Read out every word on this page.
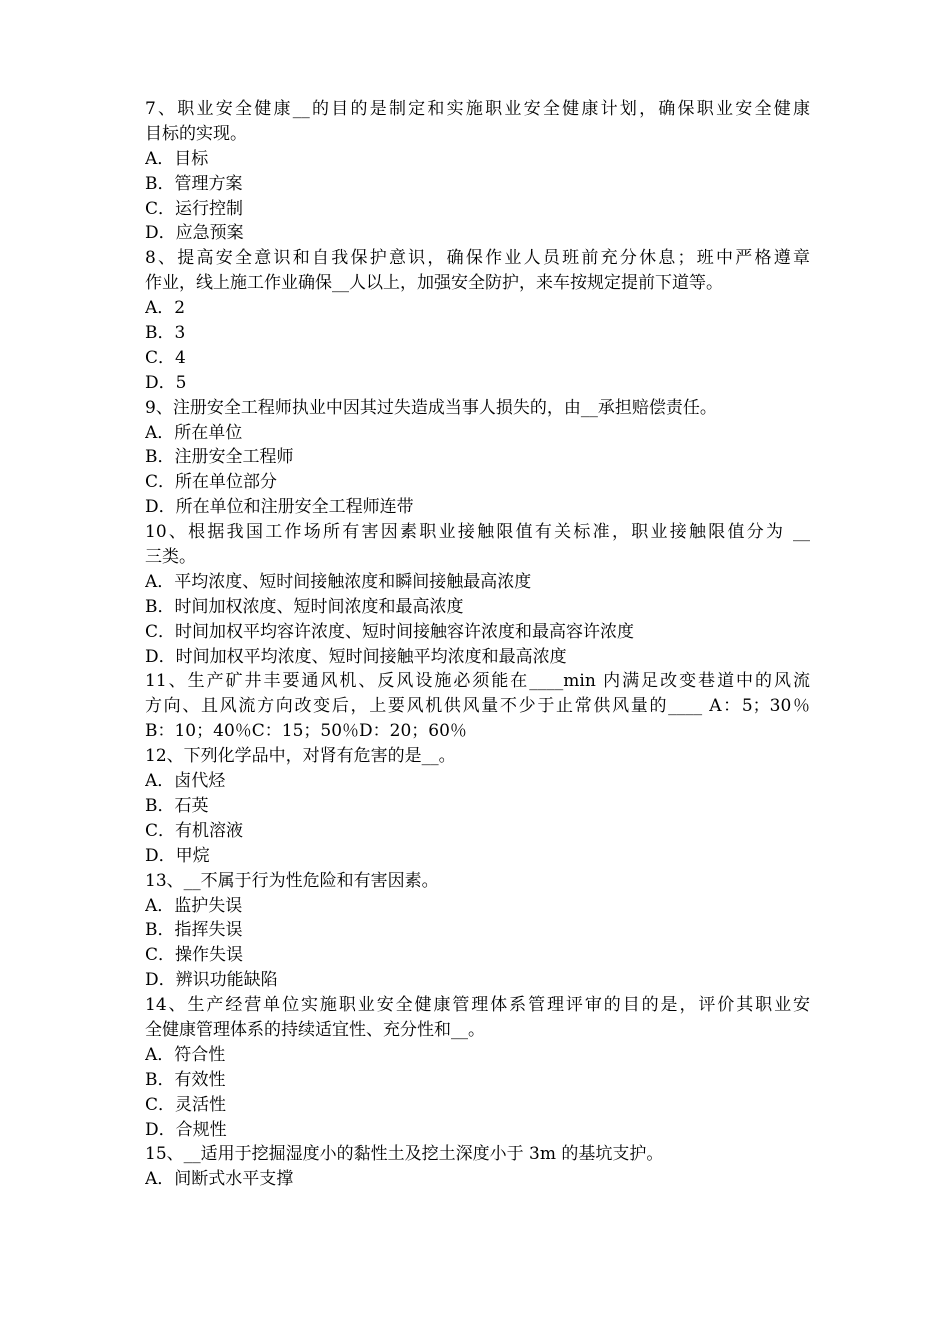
7、职业安全健康__的目的是制定和实施职业安全健康计划，确保职业安全健康
目标的实现。
A．目标
B．管理方案
C．运行控制
D．应急预案
8、提高安全意识和自我保护意识，确保作业人员班前充分休息；班中严格遵章
作业，线上施工作业确保__人以上，加强安全防护，来车按规定提前下道等。
A．2
B．3
C．4
D．5
9、注册安全工程师执业中因其过失造成当事人损失的，由__承担赔偿责任。
A．所在单位
B．注册安全工程师
C．所在单位部分
D．所在单位和注册安全工程师连带
10、根据我国工作场所有害因素职业接触限值有关标准，职业接触限值分为 __
三类。
A．平均浓度、短时间接触浓度和瞬间接触最高浓度
B．时间加权浓度、短时间浓度和最高浓度
C．时间加权平均容许浓度、短时间接触容许浓度和最高容许浓度
D．时间加权平均浓度、短时间接触平均浓度和最高浓度
11、生产矿井丰要通风机、反风设施必须能在____min 内满足改变巷道中的风流
方向、且风流方向改变后，上要风机供风量不少于止常供风量的____ A：5；30％
B：10；40％C：15；50％D：20；60％
12、下列化学品中，对肾有危害的是__。
A．卤代烃
B．石英
C．有机溶液
D．甲烷
13、__不属于行为性危险和有害因素。
A．监护失误
B．指挥失误
C．操作失误
D．辨识功能缺陷
14、生产经营单位实施职业安全健康管理体系管理评审的目的是，评价其职业安
全健康管理体系的持续适宜性、充分性和__。
A．符合性
B．有效性
C．灵活性
D．合规性
15、__适用于挖掘湿度小的黏性土及挖土深度小于 3m 的基坑支护。
A．间断式水平支撑
